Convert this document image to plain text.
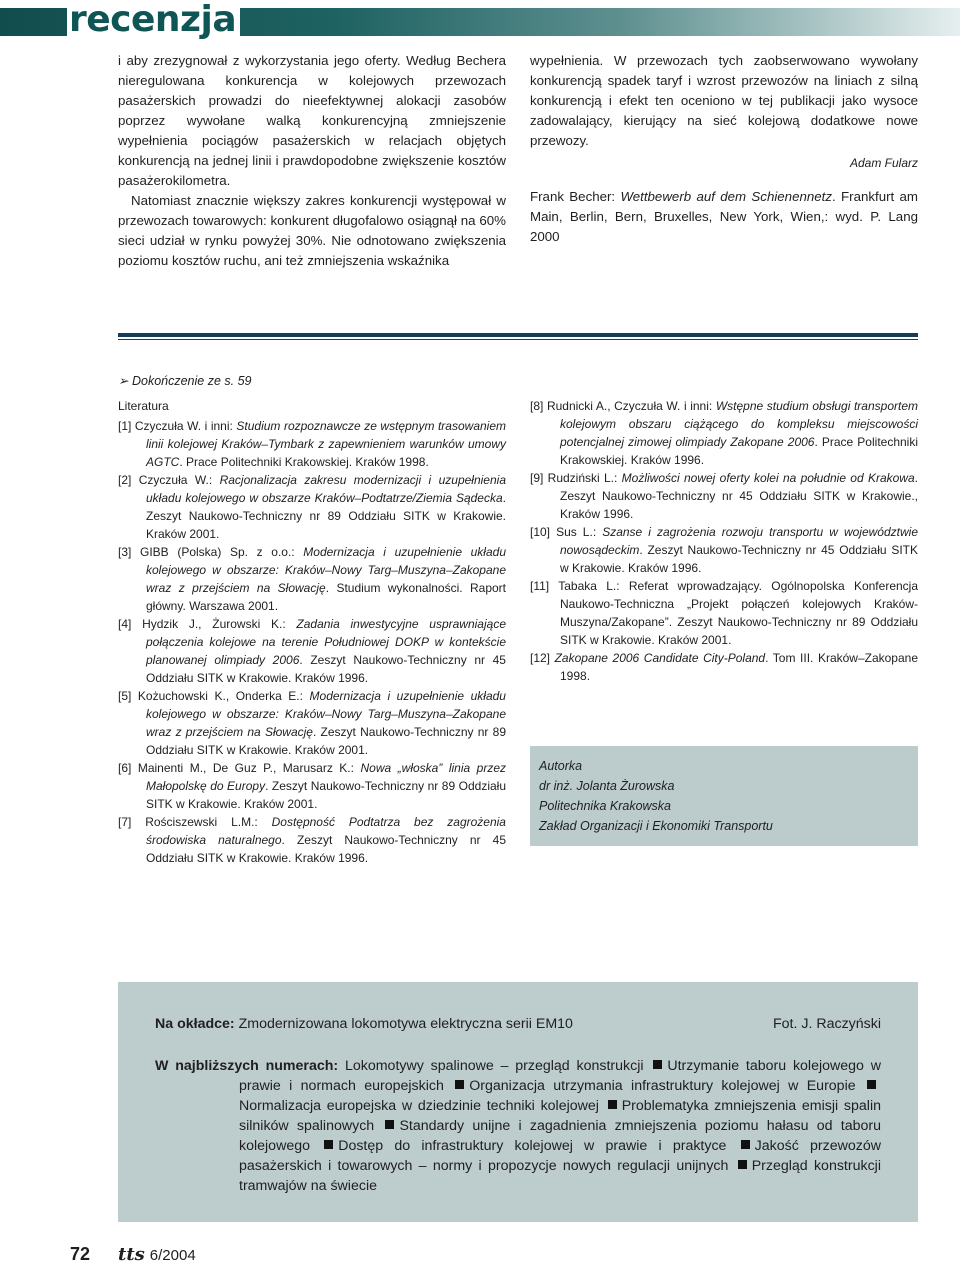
recenzja

i aby zrezygnował z wykorzystania jego oferty. Według Bechera nieregulowana konkurencja w kolejowych przewozach pasażerskich prowadzi do nieefektywnej alokacji zasobów poprzez wywołane walką konkurencyjną zmniejszenie wypełnienia pociągów pasażerskich w relacjach objętych konkurencją na jednej linii i prawdopodobne zwiększenie kosztów pasażerokilometra.

Natomiast znacznie większy zakres konkurencji występował w przewozach towarowych: konkurent długofalowo osiągnął na 60% sieci udział w rynku powyżej 30%. Nie odnotowano zwiększenia poziomu kosztów ruchu, ani też zmniejszenia wskaźnika

wypełnienia. W przewozach tych zaobserwowano wywołany konkurencją spadek taryf i wzrost przewozów na liniach z silną konkurencją i efekt ten oceniono w tej publikacji jako wysoce zadowalający, kierujący na sieć kolejową dodatkowe nowe przewozy.

Adam Fularz

Frank Becher: Wettbewerb auf dem Schienennetz. Frankfurt am Main, Berlin, Bern, Bruxelles, New York, Wien,: wyd. P. Lang 2000

➢ Dokończenie ze s. 59
Literatura

[1] Czyczuła W. i inni: Studium rozpoznawcze ze wstępnym trasowaniem linii kolejowej Kraków–Tymbark z zapewnieniem warunków umowy AGTC. Prace Politechniki Krakowskiej. Kraków 1998.

[2] Czyczuła W.: Racjonalizacja zakresu modernizacji i uzupełnienia układu kolejowego w obszarze Kraków–Podtatrze/Ziemia Sądecka. Zeszyt Naukowo-Techniczny nr 89 Oddziału SITK w Krakowie. Kraków 2001.

[3] GIBB (Polska) Sp. z o.o.: Modernizacja i uzupełnienie układu kolejowego w obszarze: Kraków–Nowy Targ–Muszyna–Zakopane wraz z przejściem na Słowację. Studium wykonalności. Raport główny. Warszawa 2001.

[4] Hydzik J., Żurowski K.: Zadania inwestycyjne usprawniające połączenia kolejowe na terenie Południowej DOKP w kontekście planowanej olimpiady 2006. Zeszyt Naukowo-Techniczny nr 45 Oddziału SITK w Krakowie. Kraków 1996.

[5] Kożuchowski K., Onderka E.: Modernizacja i uzupełnienie układu kolejowego w obszarze: Kraków–Nowy Targ–Muszyna–Zakopane wraz z przejściem na Słowację. Zeszyt Naukowo-Techniczny nr 89 Oddziału SITK w Krakowie. Kraków 2001.

[6] Mainenti M., De Guz P., Marusarz K.: Nowa „włoska” linia przez Małopolskę do Europy. Zeszyt Naukowo-Techniczny nr 89 Oddziału SITK w Krakowie. Kraków 2001.

[7] Rościszewski L.M.: Dostępność Podtatrza bez zagrożenia środowiska naturalnego. Zeszyt Naukowo-Techniczny nr 45 Oddziału SITK w Krakowie. Kraków 1996.

[8] Rudnicki A., Czyczuła W. i inni: Wstępne studium obsługi transportem kolejowym obszaru ciążącego do kompleksu miejscowości potencjalnej zimowej olimpiady Zakopane 2006. Prace Politechniki Krakowskiej. Kraków 1996.

[9] Rudziński L.: Możliwości nowej oferty kolei na południe od Krakowa. Zeszyt Naukowo-Techniczny nr 45 Oddziału SITK w Krakowie., Kraków 1996.

[10] Sus L.: Szanse i zagrożenia rozwoju transportu w województwie nowosądeckim. Zeszyt Naukowo-Techniczny nr 45 Oddziału SITK w Krakowie. Kraków 1996.

[11] Tabaka L.: Referat wprowadzający. Ogólnopolska Konferencja Naukowo-Techniczna „Projekt połączeń kolejowych Kraków-Muszyna/Zakopane”. Zeszyt Naukowo-Techniczny nr 89 Oddziału SITK w Krakowie. Kraków 2001.

[12] Zakopane 2006 Candidate City-Poland. Tom III. Kraków–Zakopane 1998.

Autorka
dr inż. Jolanta Żurowska
Politechnika Krakowska
Zakład Organizacji i Ekonomiki Transportu
Na okładce: Zmodernizowana lokomotywa elektryczna serii EM10	Fot. J. Raczyński
W najbliższych numerach: Lokomotywy spalinowe – przegląd konstrukcji Utrzymanie taboru kolejowego w prawie i normach europejskich Organizacja utrzymania infrastruktury kolejowej w Europie Normalizacja europejska w dziedzinie techniki kolejowej Problematyka zmniejszenia emisji spalin silników spalinowych Standardy unijne i zagadnienia zmniejszenia poziomu hałasu od taboru kolejowego Dostęp do infrastruktury kolejowej w prawie i praktyce Jakość przewozów pasażerskich i towarowych – normy i propozycje nowych regulacji unijnych Przegląd konstrukcji tramwajów na świecie
72 tts 6/2004
